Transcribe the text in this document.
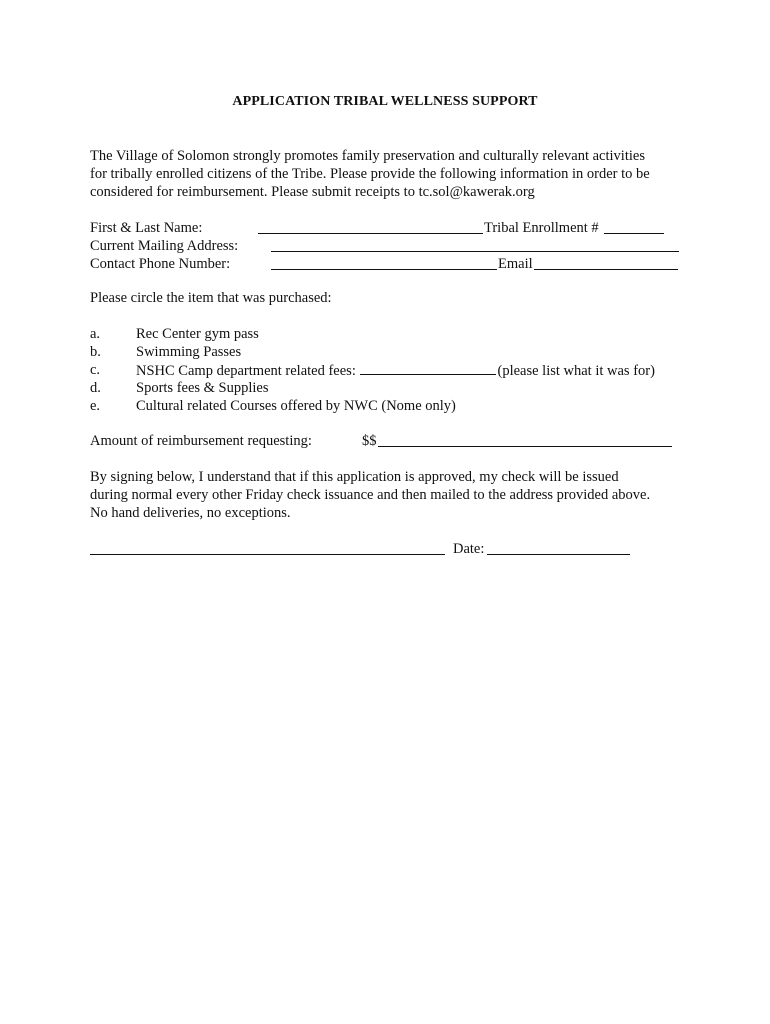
APPLICATION TRIBAL WELLNESS SUPPORT
The Village of Solomon strongly promotes family preservation and culturally relevant activities
for tribally enrolled citizens of the Tribe. Please provide the following information in order to be
considered for reimbursement. Please submit receipts to tc.sol@kawerak.org
First & Last Name:	Tribal Enrollment #
Current Mailing Address:
Contact Phone Number:	Email
Please circle the item that was purchased:
a. Rec Center gym pass
b. Swimming Passes
c. NSHC Camp department related fees:	(please list what it was for)
d. Sports fees & Supplies
e. Cultural related Courses offered by NWC (Nome only)
Amount of reimbursement requesting:	$$
By signing below, I understand that if this application is approved, my check will be issued
during normal every other Friday check issuance and then mailed to the address provided above.
No hand deliveries, no exceptions.
Date:
